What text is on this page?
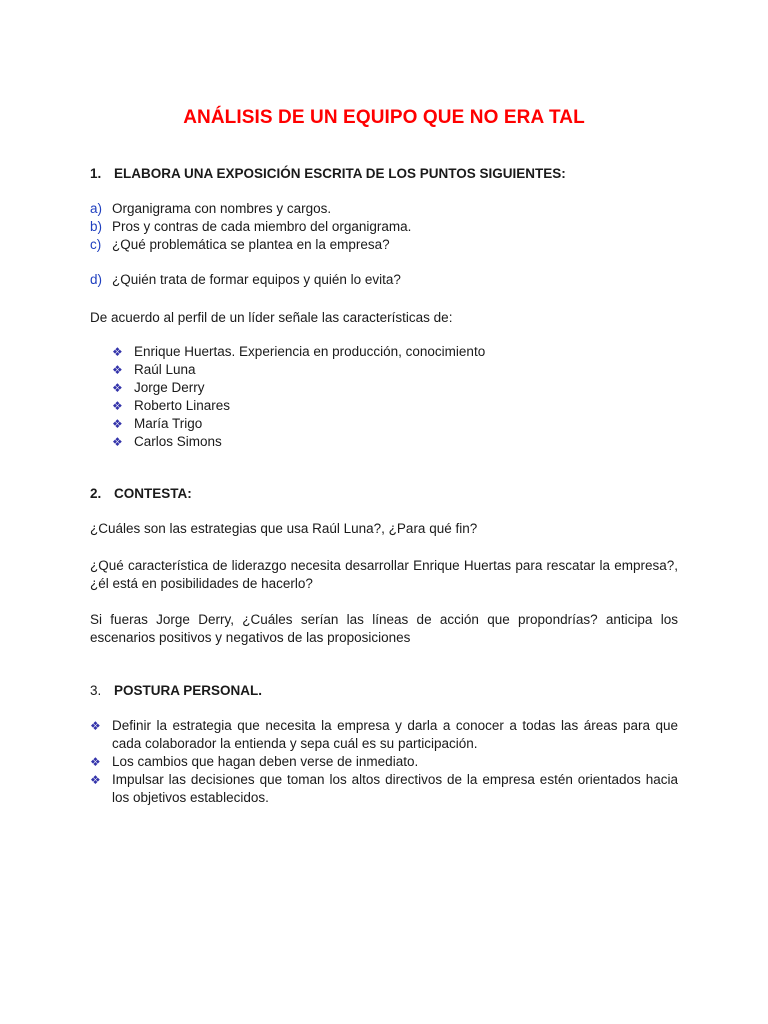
ANÁLISIS DE UN EQUIPO QUE NO ERA TAL
1. ELABORA UNA EXPOSICIÓN ESCRITA DE LOS PUNTOS SIGUIENTES:
a) Organigrama con nombres y cargos.
b) Pros y contras de cada miembro del organigrama.
c) ¿Qué problemática se plantea en la empresa?
d) ¿Quién trata de formar equipos y quién lo evita?
De acuerdo al perfil de un líder señale las características de:
❖ Enrique Huertas. Experiencia en producción, conocimiento
❖ Raúl Luna
❖ Jorge Derry
❖ Roberto Linares
❖ María Trigo
❖ Carlos Simons
2. CONTESTA:
¿Cuáles son las estrategias que usa Raúl Luna?, ¿Para qué fin?
¿Qué característica de liderazgo necesita desarrollar Enrique Huertas para rescatar la empresa?, ¿él está en posibilidades de hacerlo?
Si fueras Jorge Derry, ¿Cuáles serían las líneas de acción que propondrías? anticipa los escenarios positivos y negativos de las proposiciones
3. POSTURA PERSONAL.
❖ Definir la estrategia que necesita la empresa y darla a conocer a todas las áreas para que cada colaborador la entienda y sepa cuál es su participación.
❖ Los cambios que hagan deben verse de inmediato.
❖ Impulsar las decisiones que toman los altos directivos de la empresa estén orientados hacia los objetivos establecidos.
